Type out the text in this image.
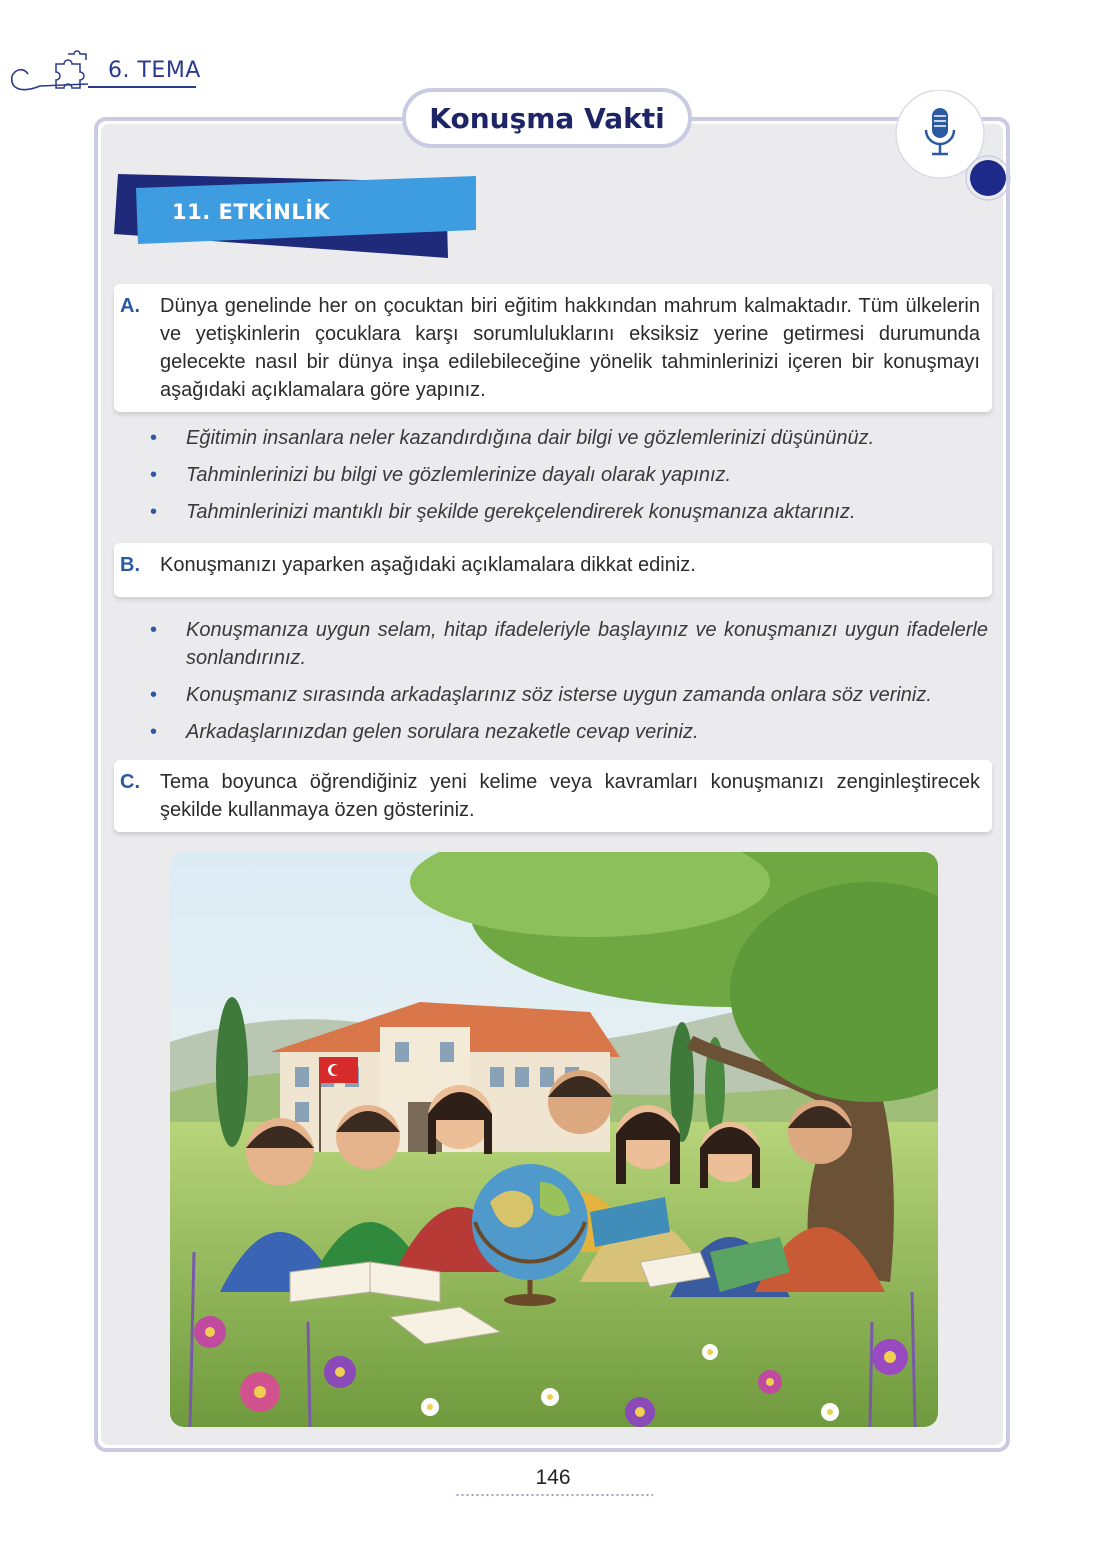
6. TEMA
Konuşma Vakti
11. ETKİNLİK
A. Dünya genelinde her on çocuktan biri eğitim hakkından mahrum kalmaktadır. Tüm ülkelerin ve yetişkinlerin çocuklara karşı sorumluluklarını eksiksiz yerine getirmesi durumunda gelecekte nasıl bir dünya inşa edilebileceğine yönelik tahminlerinizi içeren bir konuşmayı aşağıdaki açıklamalara göre yapınız.
• Eğitimin insanlara neler kazandırdığına dair bilgi ve gözlemlerinizi düşününüz.
• Tahminlerinizi bu bilgi ve gözlemlerinize dayalı olarak yapınız.
• Tahminlerinizi mantıklı bir şekilde gerekçelendirerek konuşmanıza aktarınız.
B. Konuşmanızı yaparken aşağıdaki açıklamalara dikkat ediniz.
• Konuşmanıza uygun selam, hitap ifadeleriyle başlayınız ve konuşmanızı uygun ifadelerle sonlandırınız.
• Konuşmanız sırasında arkadaşlarınız söz isterse uygun zamanda onlara söz veriniz.
• Arkadaşlarınızdan gelen sorulara nezaketle cevap veriniz.
C. Tema boyunca öğrendiğiniz yeni kelime veya kavramları konuşmanızı zenginleştirecek şekilde kullanmaya özen gösteriniz.
146
